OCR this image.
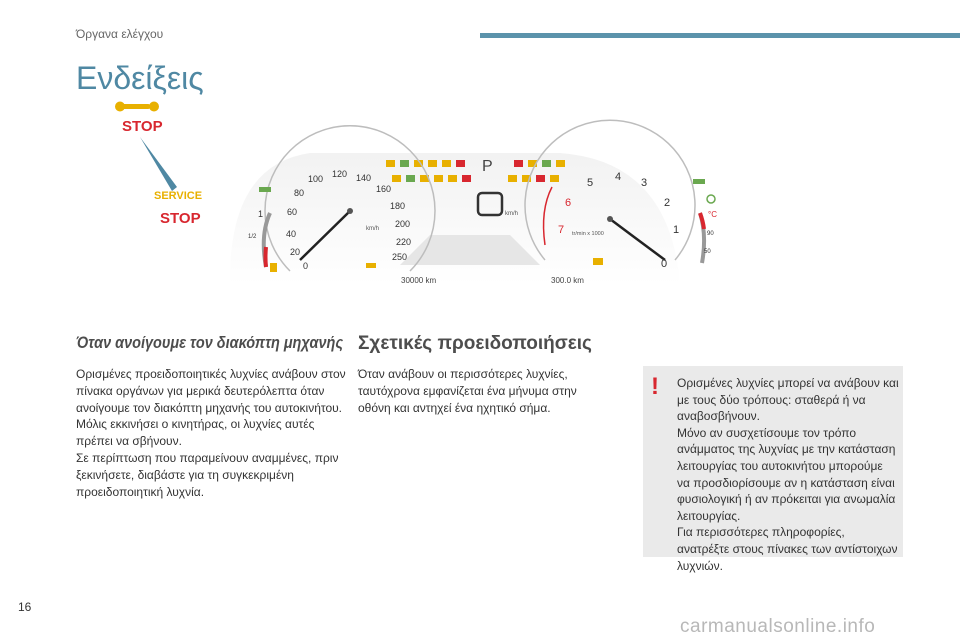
Όργανα ελέγχου
Ενδείξεις
STOP
SERVICE
STOP
P
0
20
40
60
80
100 120 140
160
180
200
220
250
km/h
1
1/2
km/h
30000 km	300.0 km
0
1
2
3
4
5
6
7 tr/min x 1000
°C
90
50
Όταν ανοίγουμε τον διακόπτη μηχανής

Ορισμένες προειδοποιητικές λυχνίες ανάβουν στον πίνακα οργάνων για μερικά δευτερόλεπτα όταν ανοίγουμε τον διακόπτη μηχανής του αυτοκινήτου.

Μόλις εκκινήσει ο κινητήρας, οι λυχνίες αυτές πρέπει να σβήνουν.

Σε περίπτωση που παραμείνουν αναμμένες, πριν ξεκινήσετε, διαβάστε για τη συγκεκριμένη προειδοποιητική λυχνία.

Σχετικές προειδοποιήσεις

Όταν ανάβουν οι περισσότερες λυχνίες, ταυτόχρονα εμφανίζεται ένα μήνυμα στην οθόνη και αντηχεί ένα ηχητικό σήμα.

! Ορισμένες λυχνίες μπορεί να ανάβουν και με τους δύο τρόπους: σταθερά ή να αναβοσβήνουν.

Μόνο αν συσχετίσουμε τον τρόπο ανάμματος της λυχνίας με την κατάσταση λειτουργίας του αυτοκινήτου μπορούμε να προσδιορίσουμε αν η κατάσταση είναι φυσιολογική ή αν πρόκειται για ανωμαλία λειτουργίας.

Για περισσότερες πληροφορίες, ανατρέξτε στους πίνακες των αντίστοιχων λυχνιών.

16
carmanualsonline.info
